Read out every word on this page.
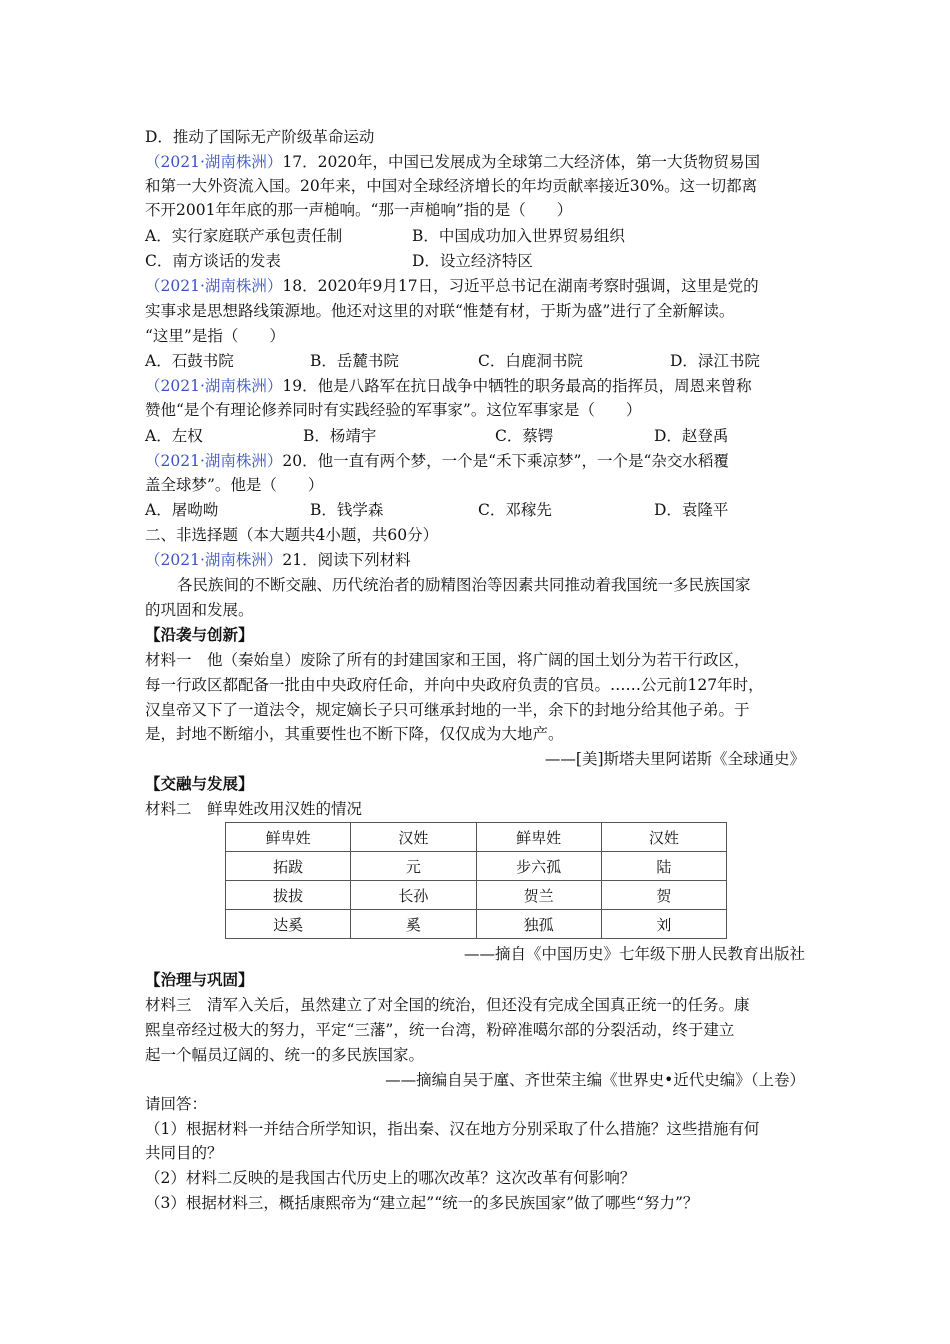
D．推动了国际无产阶级革命运动
（2021·湖南株洲）17．2020年，中国已发展成为全球第二大经济体，第一大货物贸易国
和第一大外资流入国。20年来，中国对全球经济增长的年均贡献率接近30%。这一切都离
不开2001年年底的那一声槌响。“那一声槌响”指的是（　　）
A．实行家庭联产承包责任制	B．中国成功加入世界贸易组织
C．南方谈话的发表	D．设立经济特区
（2021·湖南株洲）18．2020年9月17日，习近平总书记在湖南考察时强调，这里是党的
实事求是思想路线策源地。他还对这里的对联“惟楚有材，于斯为盛”进行了全新解读。
“这里”是指（　　）
A．石鼓书院	B．岳麓书院	C．白鹿洞书院	D．渌江书院
（2021·湖南株洲）19．他是八路军在抗日战争中牺牲的职务最高的指挥员，周恩来曾称
赞他“是个有理论修养同时有实践经验的军事家”。这位军事家是（　　）
A．左权	B．杨靖宇	C．蔡锷	D．赵登禹
（2021·湖南株洲）20．他一直有两个梦，一个是“禾下乘凉梦”，一个是“杂交水稻覆
盖全球梦”。他是（　　）
A．屠呦呦	B．钱学森	C．邓稼先	D．袁隆平
二、非选择题（本大题共4小题，共60分）
（2021·湖南株洲）21．阅读下列材料
各民族间的不断交融、历代统治者的励精图治等因素共同推动着我国统一多民族国家
的巩固和发展。
【沿袭与创新】
材料一　他（秦始皇）废除了所有的封建国家和王国，将广阔的国土划分为若干行政区，
每一行政区都配备一批由中央政府任命，并向中央政府负责的官员。……公元前127年时，
汉皇帝又下了一道法令，规定嫡长子只可继承封地的一半，余下的封地分给其他子弟。于
是，封地不断缩小，其重要性也不断下降，仅仅成为大地产。
——[美]斯塔夫里阿诺斯《全球通史》
【交融与发展】
材料二　鲜卑姓改用汉姓的情况
鲜卑姓	汉姓	鲜卑姓	汉姓
拓跋	元	步六孤	陆
拔拔	长孙	贺兰	贺
达奚	奚	独孤	刘
——摘自《中国历史》七年级下册人民教育出版社
【治理与巩固】
材料三　清军入关后，虽然建立了对全国的统治，但还没有完成全国真正统一的任务。康
熙皇帝经过极大的努力，平定“三藩”，统一台湾，粉碎准噶尔部的分裂活动，终于建立
起一个幅员辽阔的、统一的多民族国家。
——摘编自吴于廑、齐世荣主编《世界史•近代史编》（上卷）
请回答：
（1）根据材料一并结合所学知识，指出秦、汉在地方分别采取了什么措施？这些措施有何
共同目的？
（2）材料二反映的是我国古代历史上的哪次改革？这次改革有何影响？
（3）根据材料三，概括康熙帝为“建立起”“统一的多民族国家”做了哪些“努力”？
